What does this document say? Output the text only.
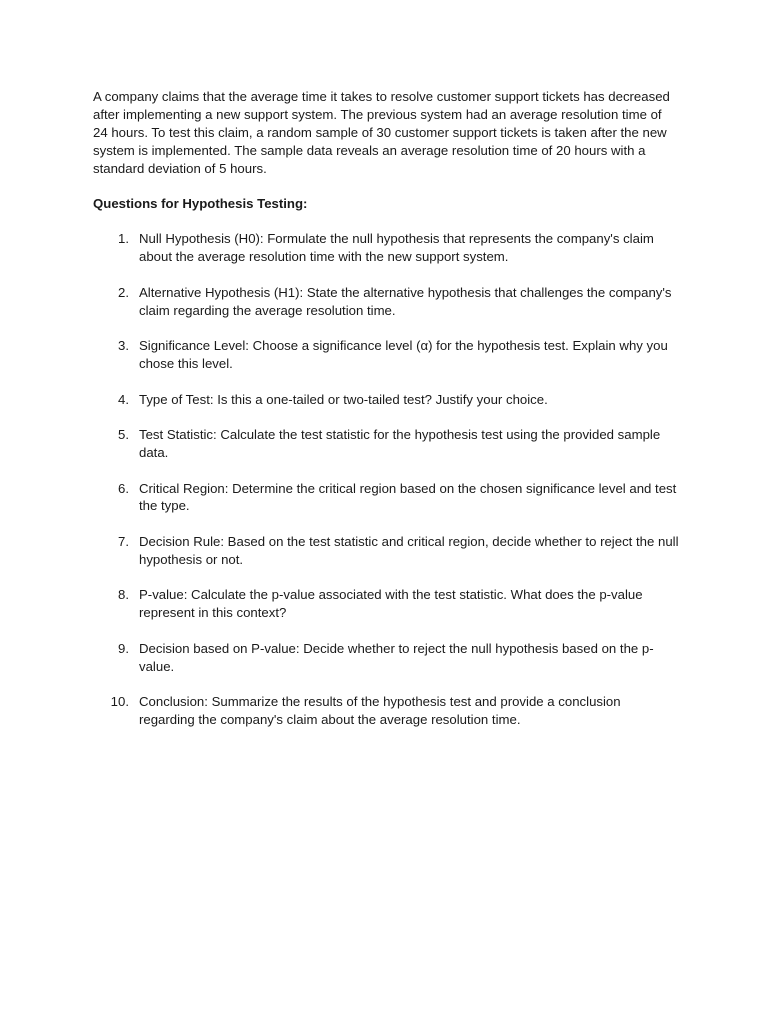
A company claims that the average time it takes to resolve customer support tickets has decreased after implementing a new support system. The previous system had an average resolution time of 24 hours. To test this claim, a random sample of 30 customer support tickets is taken after the new system is implemented. The sample data reveals an average resolution time of 20 hours with a standard deviation of 5 hours.

Questions for Hypothesis Testing:

1. Null Hypothesis (H0): Formulate the null hypothesis that represents the company's claim about the average resolution time with the new support system.
2. Alternative Hypothesis (H1): State the alternative hypothesis that challenges the company's claim regarding the average resolution time.
3. Significance Level: Choose a significance level (α) for the hypothesis test. Explain why you chose this level.
4. Type of Test: Is this a one-tailed or two-tailed test? Justify your choice.
5. Test Statistic: Calculate the test statistic for the hypothesis test using the provided sample data.
6. Critical Region: Determine the critical region based on the chosen significance level and test the type.
7. Decision Rule: Based on the test statistic and critical region, decide whether to reject the null hypothesis or not.
8. P-value: Calculate the p-value associated with the test statistic. What does the p-value represent in this context?
9. Decision based on P-value: Decide whether to reject the null hypothesis based on the p-value.
10. Conclusion: Summarize the results of the hypothesis test and provide a conclusion regarding the company's claim about the average resolution time.
